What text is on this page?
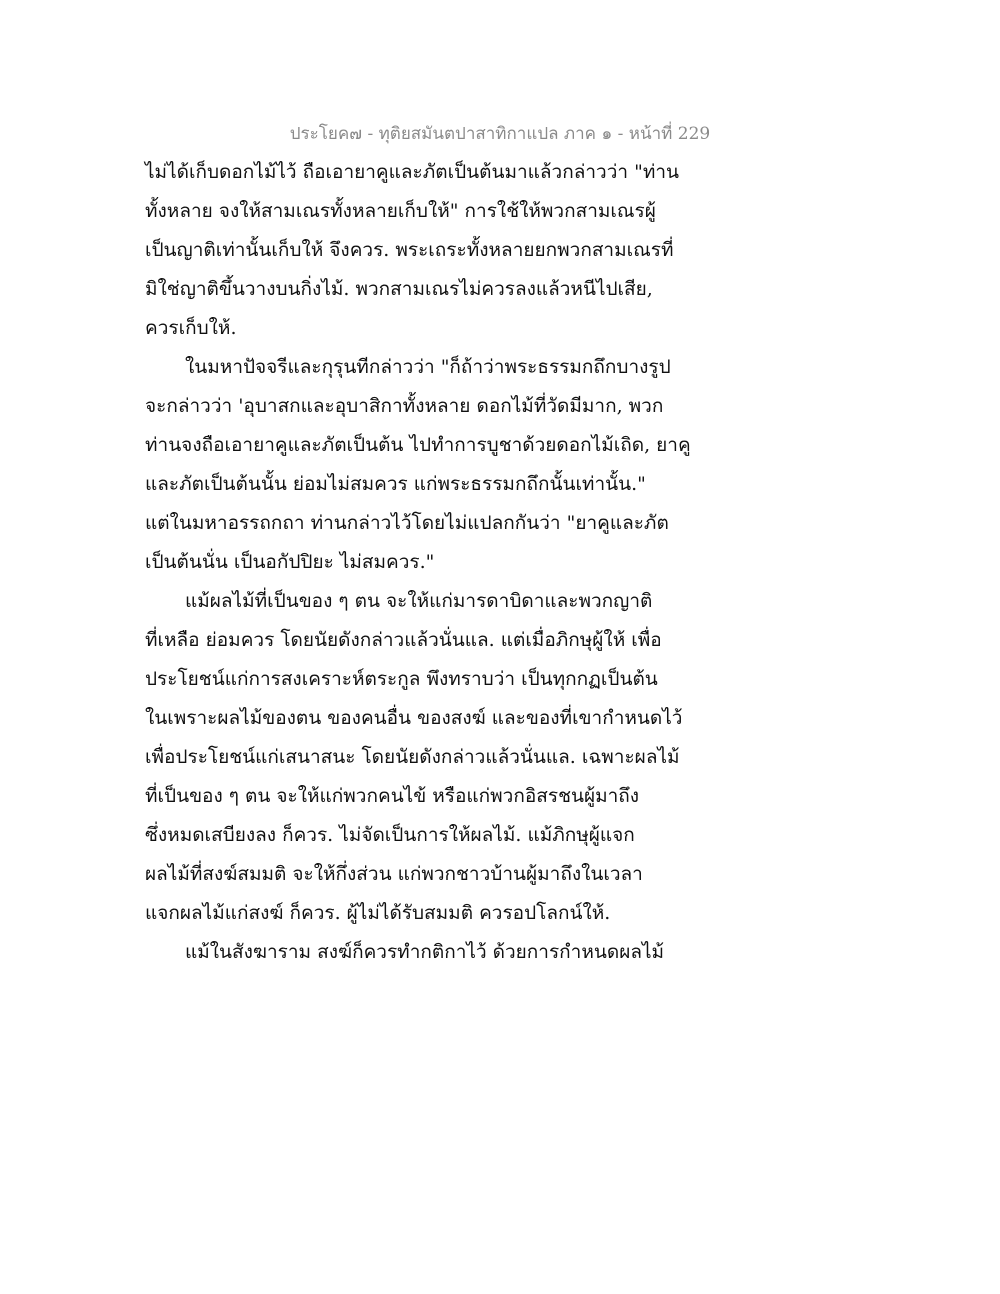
ประโยค๗ - ทุติยสมันตปาสาทิกาแปล ภาค ๑ - หน้าที่ 229
ไม่ได้เก็บดอกไม้ไว้ ถือเอายาคูและภัตเป็นต้นมาแล้วกล่าวว่า "ท่าน
ทั้งหลาย จงให้สามเณรทั้งหลายเก็บให้" การใช้ให้พวกสามเณรผู้
เป็นญาติเท่านั้นเก็บให้ จึงควร. พระเถระทั้งหลายยกพวกสามเณรที่
มิใช่ญาติขึ้นวางบนกิ่งไม้. พวกสามเณรไม่ควรลงแล้วหนีไปเสีย,
ควรเก็บให้.
ในมหาปัจจรีและกุรุนทีกล่าวว่า "ก็ถ้าว่าพระธรรมกถึกบางรูป
จะกล่าวว่า 'อุบาสกและอุบาสิกาทั้งหลาย ดอกไม้ที่วัดมีมาก, พวก
ท่านจงถือเอายาคูและภัตเป็นต้น ไปทำการบูชาด้วยดอกไม้เถิด, ยาคู
และภัตเป็นต้นนั้น ย่อมไม่สมควร แก่พระธรรมกถึกนั้นเท่านั้น."
แต่ในมหาอรรถกถา ท่านกล่าวไว้โดยไม่แปลกกันว่า "ยาคูและภัต
เป็นต้นนั่น เป็นอกัปปิยะ ไม่สมควร."
แม้ผลไม้ที่เป็นของ ๆ ตน จะให้แก่มารดาบิดาและพวกญาติ
ที่เหลือ ย่อมควร โดยนัยดังกล่าวแล้วนั่นแล. แต่เมื่อภิกษุผู้ให้ เพื่อ
ประโยชน์แก่การสงเคราะห์ตระกูล พึงทราบว่า เป็นทุกกฏเป็นต้น
ในเพราะผลไม้ของตน ของคนอื่น ของสงฆ์ และของที่เขากำหนดไว้
เพื่อประโยชน์แก่เสนาสนะ โดยนัยดังกล่าวแล้วนั่นแล. เฉพาะผลไม้
ที่เป็นของ ๆ ตน จะให้แก่พวกคนไข้ หรือแก่พวกอิสรชนผู้มาถึง
ซึ่งหมดเสบียงลง ก็ควร. ไม่จัดเป็นการให้ผลไม้. แม้ภิกษุผู้แจก
ผลไม้ที่สงฆ์สมมติ จะให้กึ่งส่วน แก่พวกชาวบ้านผู้มาถึงในเวลา
แจกผลไม้แก่สงฆ์ ก็ควร. ผู้ไม่ได้รับสมมติ ควรอปโลกน์ให้.
แม้ในสังฆาราม สงฆ์ก็ควรทำกติกาไว้ ด้วยการกำหนดผลไม้
